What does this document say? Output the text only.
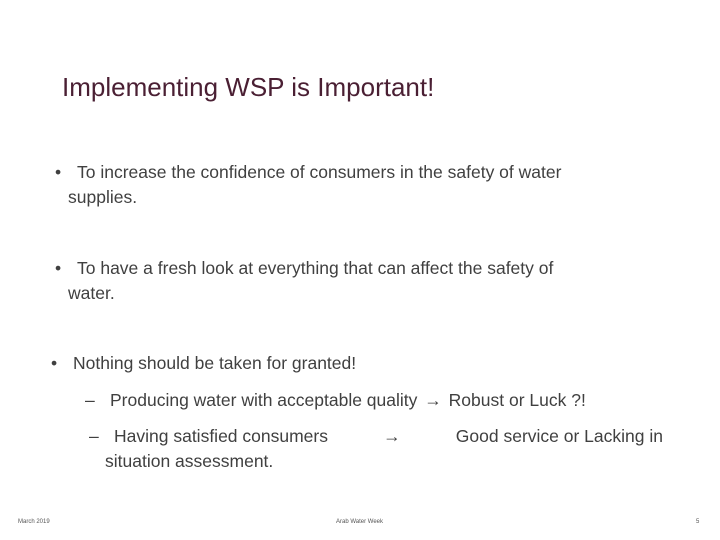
Implementing WSP is Important!
• To increase the confidence of consumers in the safety of water
supplies.
• To have a fresh look at everything that can affect the safety of
water.
• Nothing should be taken for granted!
– Producing water with acceptable quality → Robust or Luck ?!
– Having satisfied consumers	→	Good service or Lacking in
situation assessment.
March 2019	Arab Water Week	5
